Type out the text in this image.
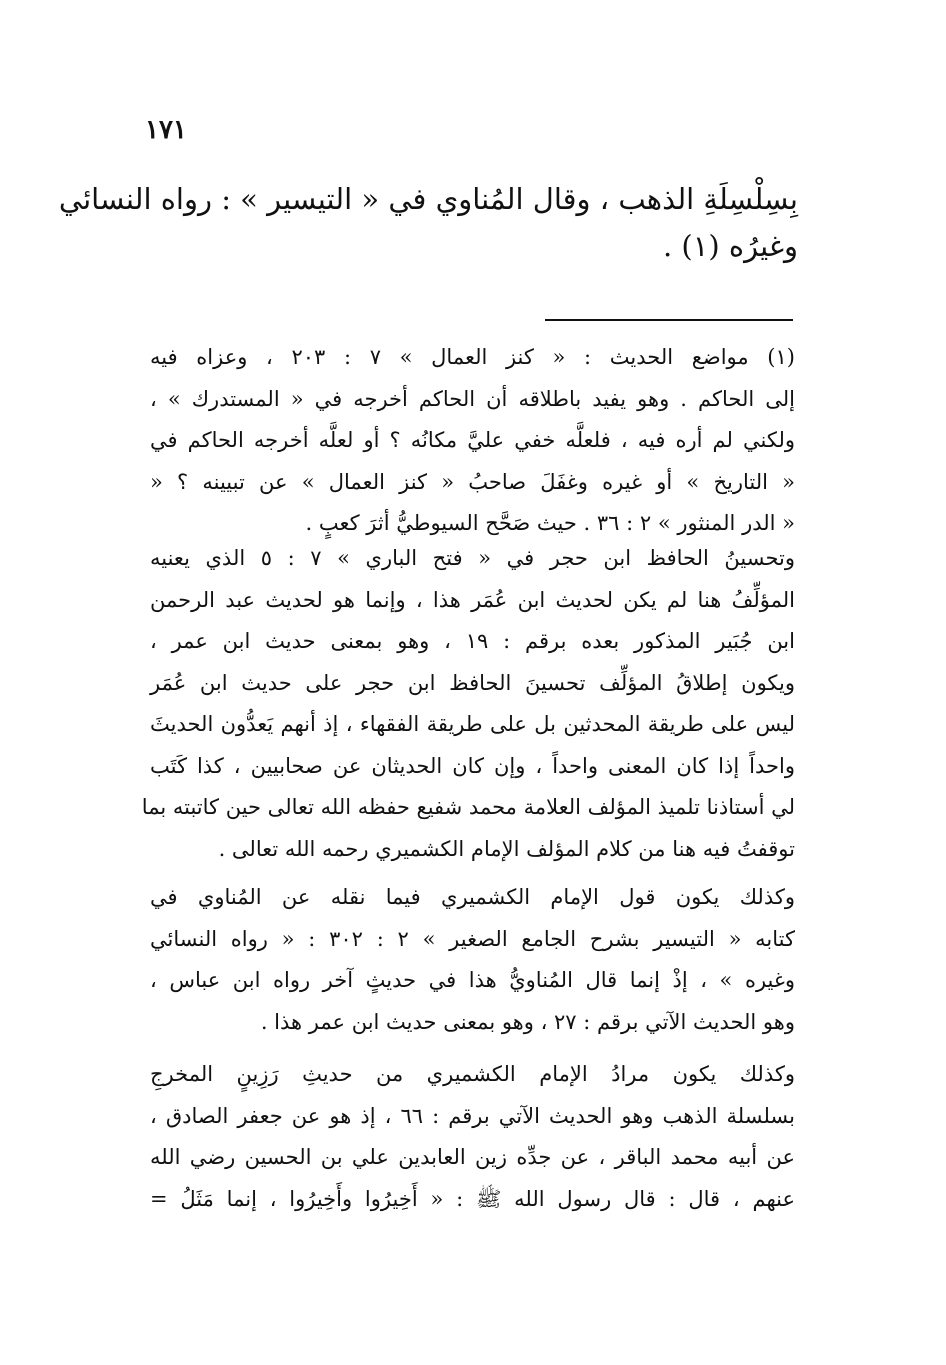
١٧١
بِسِلْسِلَةِ الذهب ، وقال المُناوي في « التيسير » : رواه النسائي
وغيرُه (١) .
(١) مواضع الحديث : « كنز العمال » ٧ : ٢٠٣ ، وعزاه فيه
إلى الحاكم . وهو يفيد باطلاقه أن الحاكم أخرجه في « المستدرك » ،
ولكني لم أره فيه ، فلعلَّه خفي عليَّ مكانُه ؟ أو لعلَّه أخرجه الحاكم في
« التاريخ » أو غيره وغفَلَ صاحبُ « كنز العمال » عن تبيينه ؟ «
« الدر المنثور » ٢ : ٣٦ . حيث صَحَّح السيوطيُّ أثرَ كعبٍ .
وتحسينُ الحافظ ابن حجر في « فتح الباري » ٧ : ٥ الذي يعنيه
المؤلِّفُ هنا لم يكن لحديث ابن عُمَر هذا ، وإنما هو لحديث عبد الرحمن
ابن جُبَير المذكور بعده برقم : ١٩ ، وهو بمعنى حديث ابن عمر ،
ويكون إطلاقُ المؤلِّف تحسينَ الحافظ ابن حجر على حديث ابن عُمَر
ليس على طريقة المحدثين بل على طريقة الفقهاء ، إذ أنهم يَعدُّون الحديثَ
واحداً إذا كان المعنى واحداً ، وإن كان الحديثان عن صحابيين ، كذا كَتَب
لي أستاذنا تلميذ المؤلف العلامة محمد شفيع حفظه الله تعالى حين كاتبته بما
توقفتُ فيه هنا من كلام المؤلف الإمام الكشميري رحمه الله تعالى .
وكذلك يكون قول الإمام الكشميري فيما نقله عن المُناوي في
كتابه « التيسير بشرح الجامع الصغير » ٢ : ٣٠٢ : « رواه النسائي
وغيره » ، إذْ إنما قال المُناويُّ هذا في حديثٍ آخر رواه ابن عباس ،
وهو الحديث الآتي برقم : ٢٧ ، وهو بمعنى حديث ابن عمر هذا .
وكذلك يكون مرادُ الإمام الكشميري من حديثِ رَزِينٍ المخرجِ
بسلسلة الذهب وهو الحديث الآتي برقم : ٦٦ ، إذ هو عن جعفر الصادق ،
عن أبيه محمد الباقر ، عن جدِّه زين العابدين علي بن الحسين رضي الله
عنهم ، قال : قال رسول الله ﷺ : « أَخِيرُوا وأَخِيرُوا ، إنما مَثَلُ =
